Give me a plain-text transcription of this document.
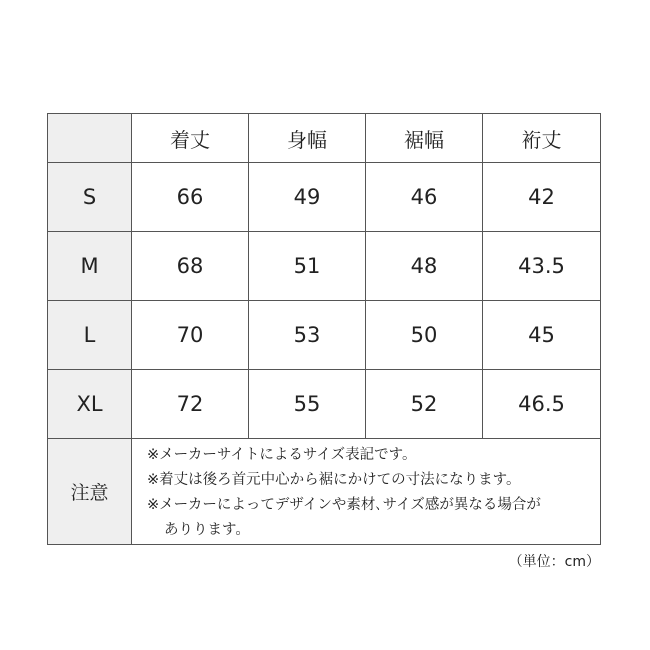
	着丈	身幅	裾幅	裄丈
S	66	49	46	42
M	68	51	48	43.5
L	70	53	50	45
XL	72	55	52	46.5
注意	※メーカーサイトによるサイズ表記です。
※着丈は後ろ首元中心から裾にかけての寸法になります。
※メーカーによってデザインや素材､サイズ感が異なる場合が
ありります。			
（単位：cm）
